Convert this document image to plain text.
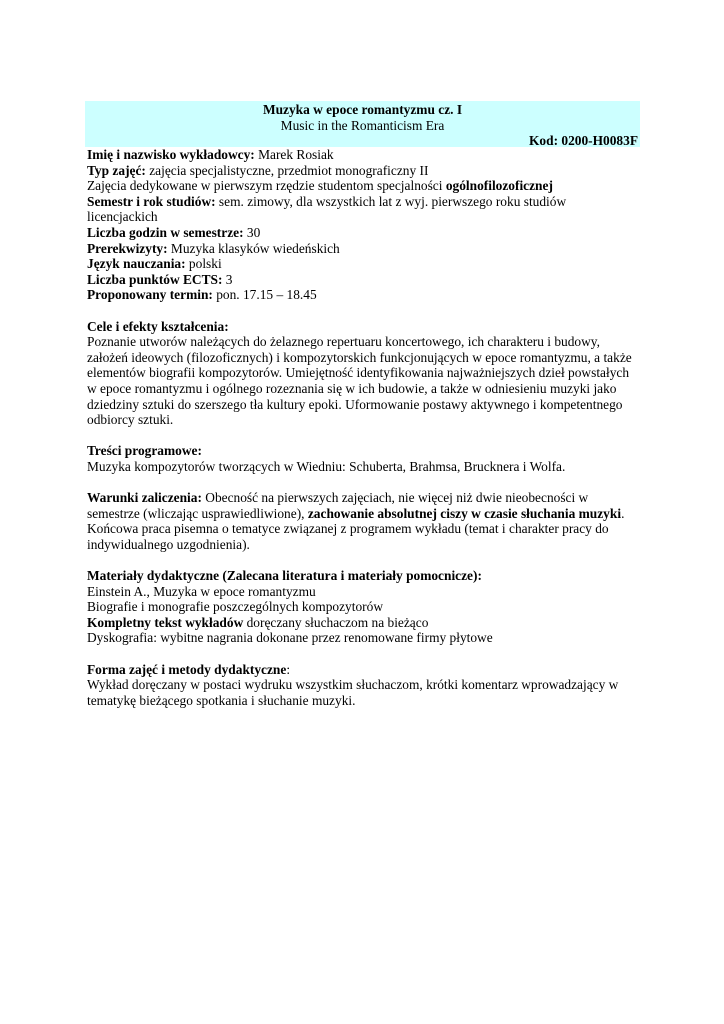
Muzyka w epoce romantyzmu cz. I
Music in the Romanticism Era
Kod: 0200-H0083F
Imię i nazwisko wykładowcy: Marek Rosiak
Typ zajęć: zajęcia specjalistyczne, przedmiot monograficzny II
Zajęcia dedykowane w pierwszym rzędzie studentom specjalności ogólnofilozoficznej
Semestr i rok studiów: sem. zimowy, dla wszystkich lat z wyj. pierwszego roku studiów
licencjackich
Liczba godzin w semestrze: 30
Prerekwizyty: Muzyka klasyków wiedeńskich
Język nauczania: polski
Liczba punktów ECTS: 3
Proponowany termin: pon. 17.15 – 18.45
Cele i efekty kształcenia:
Poznanie utworów należących do żelaznego repertuaru koncertowego, ich charakteru i budowy,
założeń ideowych (filozoficznych) i kompozytorskich funkcjonujących w epoce romantyzmu, a także
elementów biografii kompozytorów. Umiejętność identyfikowania najważniejszych dzieł powstałych
w epoce romantyzmu i ogólnego rozeznania się w ich budowie, a także w odniesieniu muzyki jako
dziedziny sztuki do szerszego tła kultury epoki. Uformowanie postawy aktywnego i kompetentnego
odbiorcy sztuki.
Treści programowe:
Muzyka kompozytorów tworzących w Wiedniu: Schuberta, Brahmsa, Brucknera i Wolfa.
Warunki zaliczenia: Obecność na pierwszych zajęciach, nie więcej niż dwie nieobecności w
semestrze (wliczając usprawiedliwione), zachowanie absolutnej ciszy w czasie słuchania muzyki.
Końcowa praca pisemna o tematyce związanej z programem wykładu (temat i charakter pracy do
indywidualnego uzgodnienia).
Materiały dydaktyczne (Zalecana literatura i materiały pomocnicze):
Einstein A., Muzyka w epoce romantyzmu
Biografie i monografie poszczególnych kompozytorów
Kompletny tekst wykładów doręczany słuchaczom na bieżąco
Dyskografia: wybitne nagrania dokonane przez renomowane firmy płytowe
Forma zajęć i metody dydaktyczne:
Wykład doręczany w postaci wydruku wszystkim słuchaczom, krótki komentarz wprowadzający w
tematykę bieżącego spotkania i słuchanie muzyki.
